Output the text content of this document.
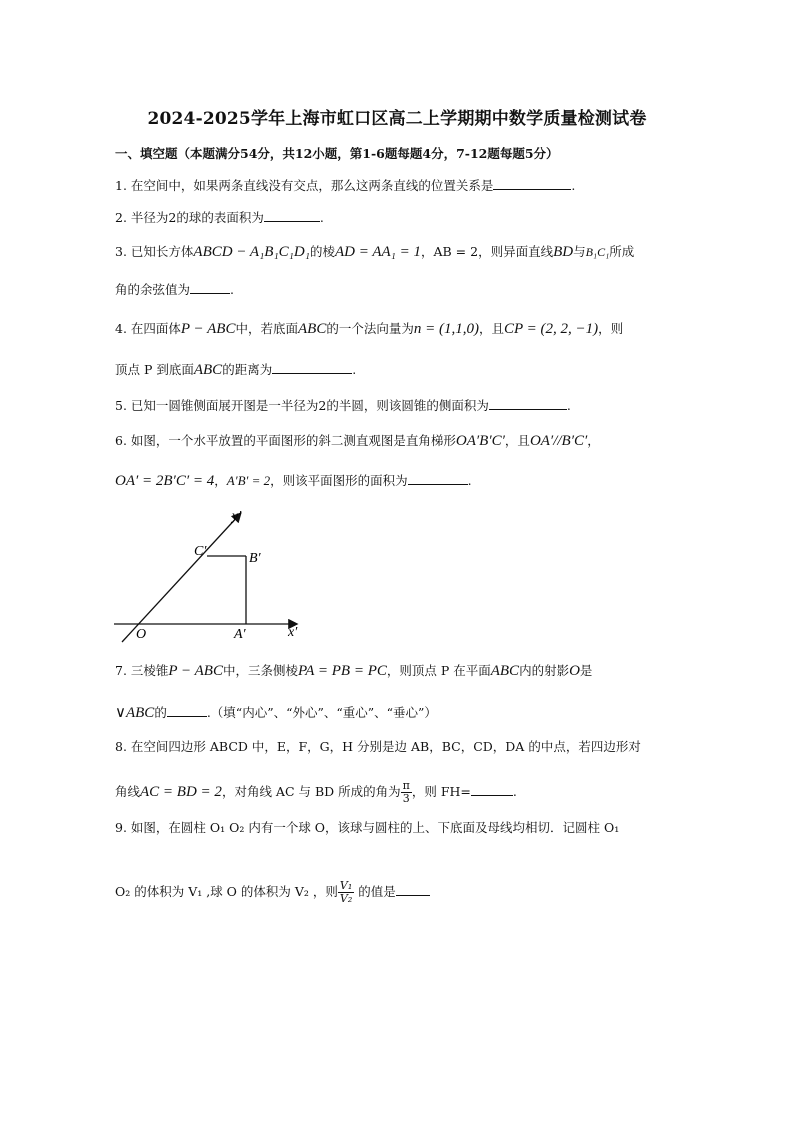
2024-2025学年上海市虹口区高二上学期期中数学质量检测试卷
一、填空题（本题满分54分，共12小题，第1-6题每题4分，7-12题每题5分）
1. 在空间中，如果两条直线没有交点，那么这两条直线的位置关系是	.
2. 半径为2的球的表面积为	.
3. 已知长方体ABCD − A₁B₁C₁D₁的棱AD = AA₁ = 1，AB = 2，则异面直线BD与B₁C₁所成
角的余弦值为	.
4. 在四面体P − ABC中，若底面ABC的一个法向量为n = (1,1,0)，且CP = (2, 2, −1)，则
顶点 P 到底面ABC的距离为	.
5. 已知一圆锥侧面展开图是一半径为2的半圆，则该圆锥的侧面积为	.
6. 如图，一个水平放置的平面图形的斜二测直观图是直角梯形OA′B′C′，且OA′//B′C′，
OA′ = 2B′C′ = 4，A′B′ = 2，则该平面图形的面积为	.
y′
x′
O	A′
B′
C′
7. 三棱锥P − ABC中，三条侧棱PA = PB = PC，则顶点 P 在平面ABC内的射影O是
∨ABC的	.（填“内心”、“外心”、“重心”、“垂心”）
8. 在空间四边形 ABCD 中，E，F，G，H 分别是边 AB，BC，CD，DA 的中点，若四边形对
角线AC = BD = 2，对角线 AC 与 BD 所成的角为 $\frac{\pi}{3}$ ，则 FH=	.
9. 如图，在圆柱 O₁ O₂ 内有一个球 O，该球与圆柱的上、下底面及母线均相切．记圆柱 O₁
O₂ 的体积为 V₁ ,球 O 的体积为 V₂ ，则 $\frac{\text{V₁}}{\text{V₂}}$ 的值是
